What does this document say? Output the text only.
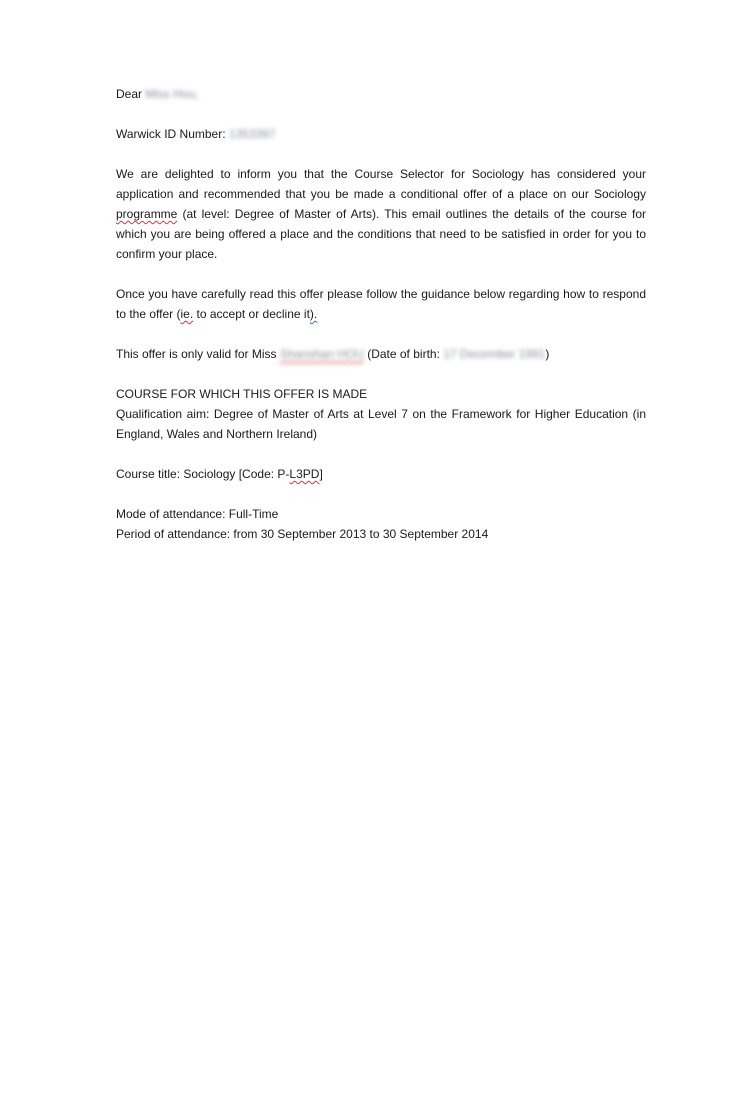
Dear Miss Hou,

Warwick ID Number: 1353397

We are delighted to inform you that the Course Selector for Sociology has considered your application and recommended that you be made a conditional offer of a place on our Sociology programme (at level: Degree of Master of Arts). This email outlines the details of the course for which you are being offered a place and the conditions that need to be satisfied in order for you to confirm your place.

Once you have carefully read this offer please follow the guidance below regarding how to respond to the offer (ie. to accept or decline it).

This offer is only valid for Miss Shanshan HOU (Date of birth: 17 December 1991)

COURSE FOR WHICH THIS OFFER IS MADE

Qualification aim: Degree of Master of Arts at Level 7 on the Framework for Higher Education (in England, Wales and Northern Ireland)

Course title: Sociology [Code: P-L3PD]

Mode of attendance: Full-Time

Period of attendance: from 30 September 2013 to 30 September 2014
